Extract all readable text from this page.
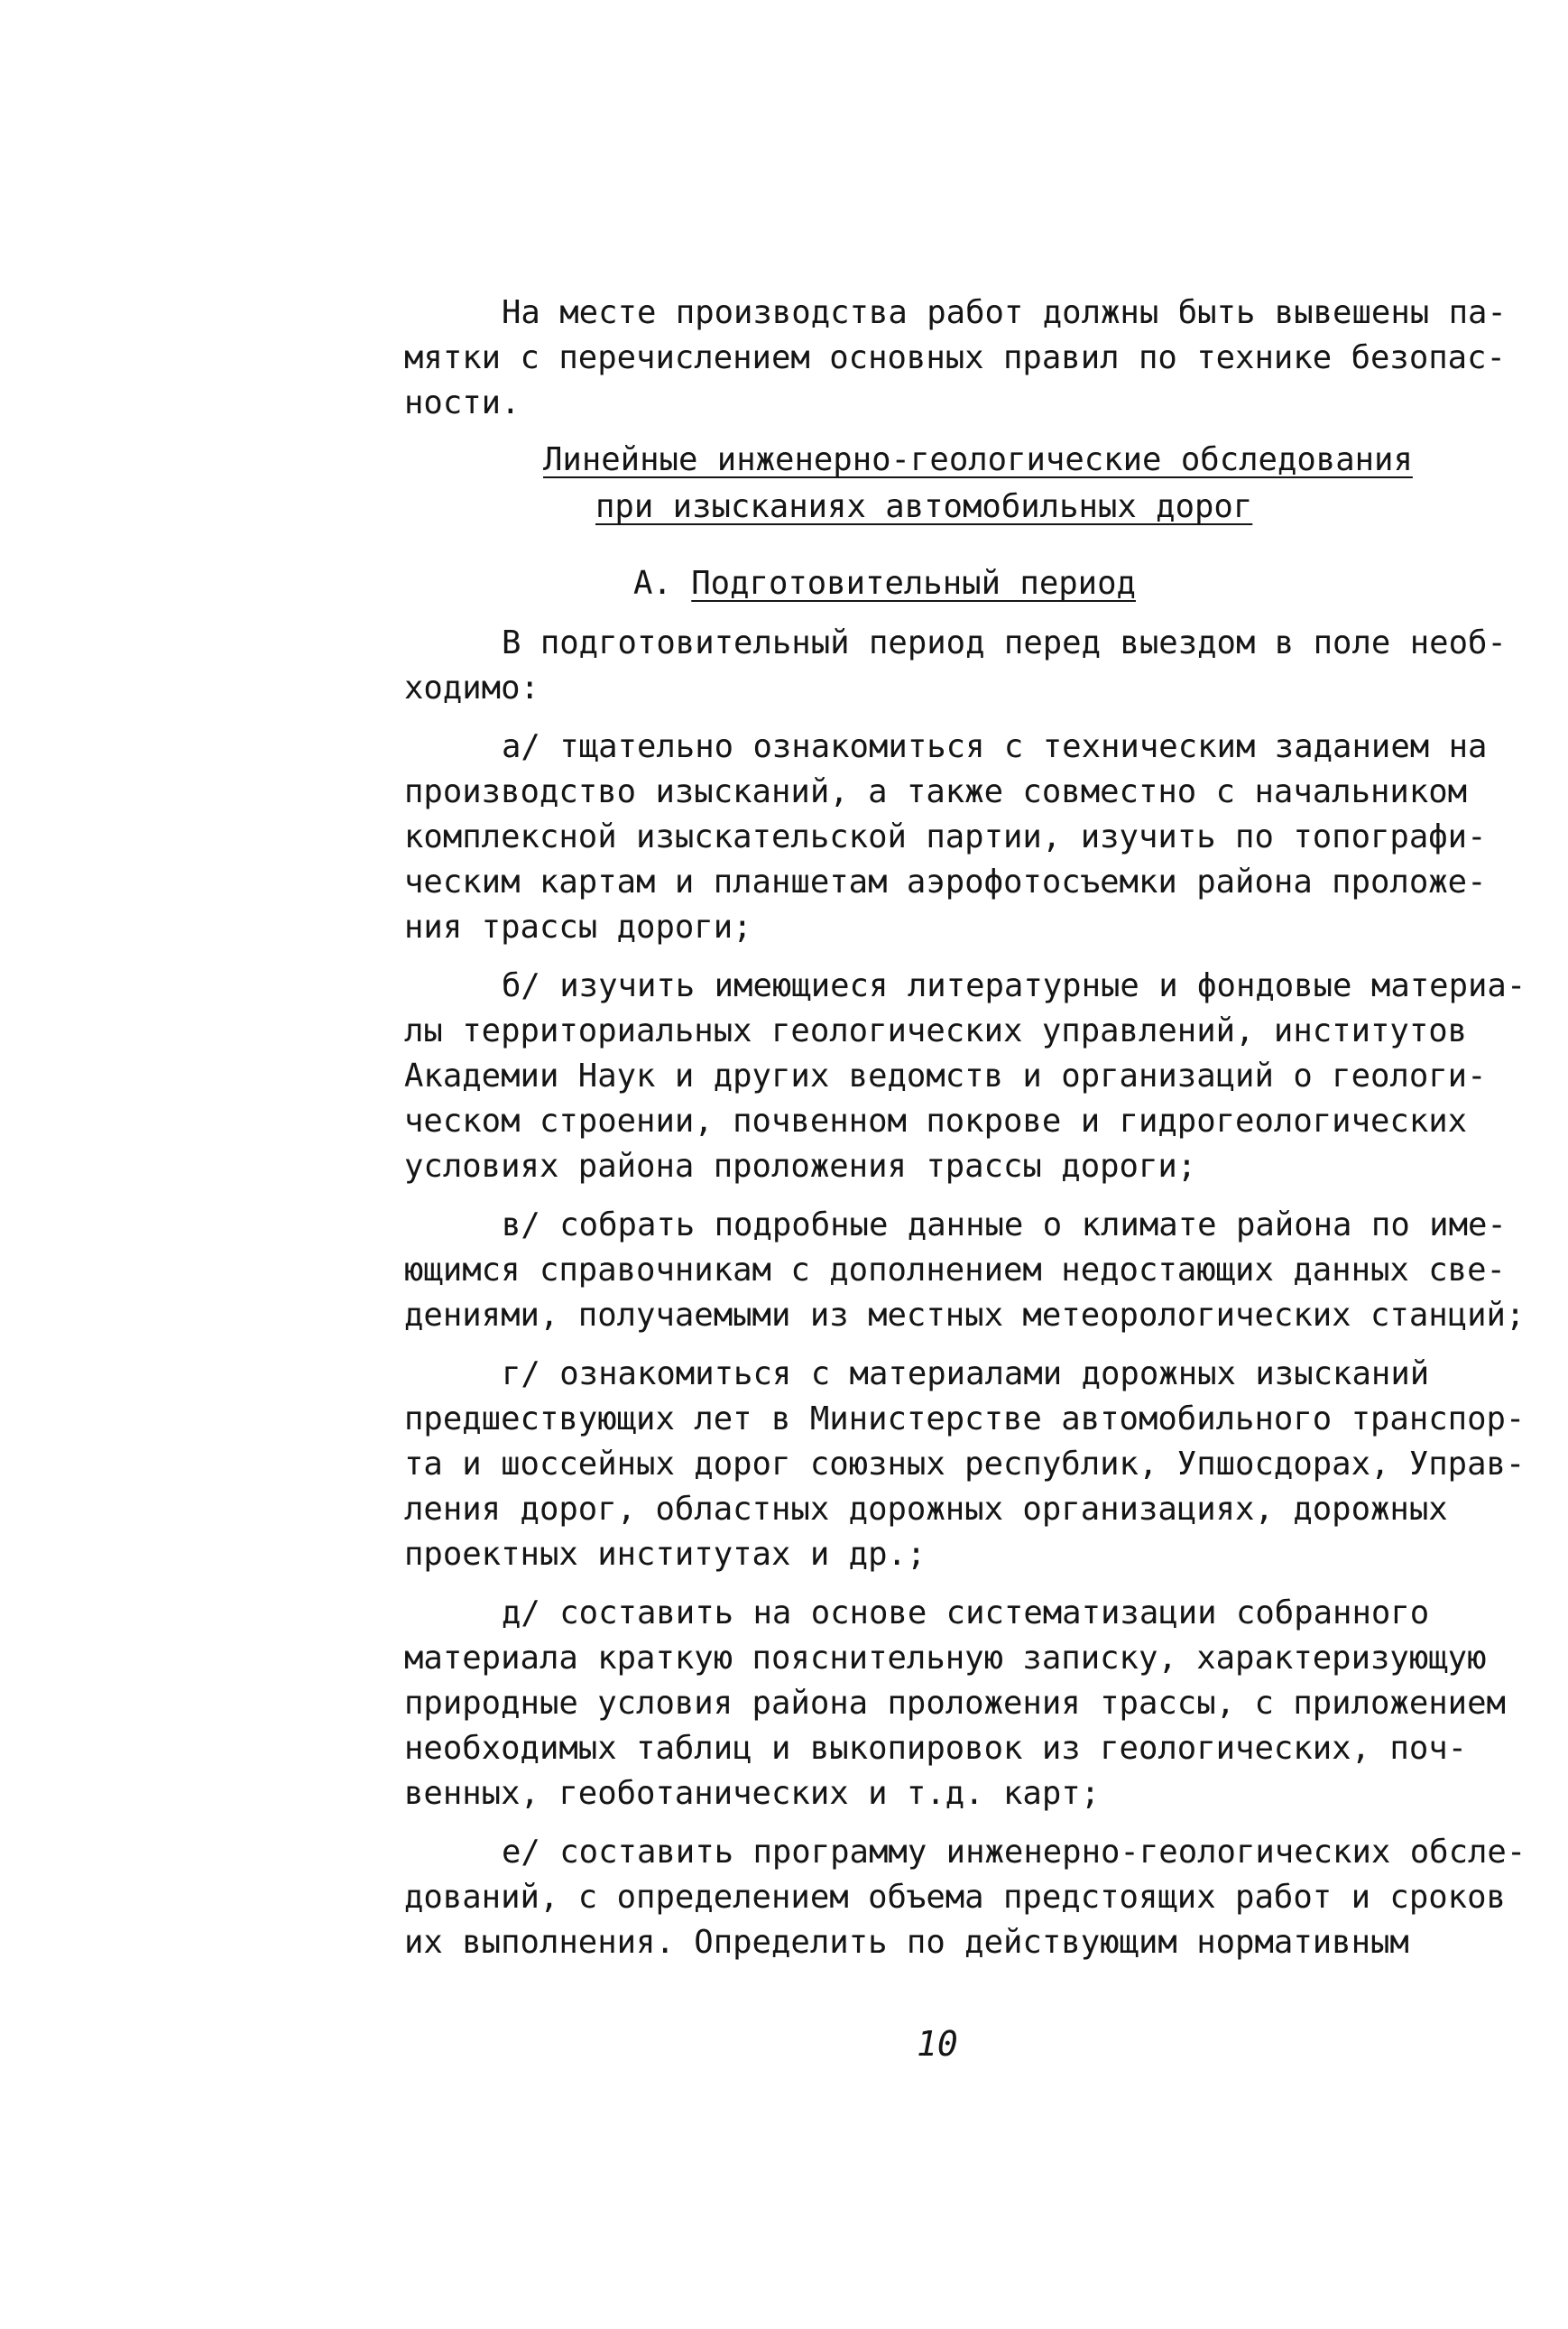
На месте производства работ должны быть вывешены па-

мятки с перечислением основных правил по технике безопас-

ности.

Линейные инженерно-геологические обследования
при изысканиях автомобильных дорог
А. Подготовительный период

В подготовительный период перед выездом в поле необ-

ходимо:

а/ тщательно ознакомиться с техническим заданием на

производство изысканий, а также совместно с начальником

комплексной изыскательской партии, изучить по топографи-

ческим картам и планшетам аэрофотосъемки района проложе-

ния трассы дороги;

б/ изучить имеющиеся литературные и фондовые материа-

лы территориальных геологических управлений, институтов

Академии Наук и других ведомств и организаций о геологи-

ческом строении, почвенном покрове и гидрогеологических

условиях района проложения трассы дороги;

в/ собрать подробные данные о климате района по име-

ющимся справочникам с дополнением недостающих данных све-

дениями, получаемыми из местных метеорологических станций;

г/ ознакомиться с материалами дорожных изысканий

предшествующих лет в Министерстве автомобильного транспор-

та и шоссейных дорог союзных республик, Упшосдорах, Управ-

ления дорог, областных дорожных организациях, дорожных

проектных институтах и др.;

д/ составить на основе систематизации собранного

материала краткую пояснительную записку, характеризующую

природные условия района проложения трассы, с приложением

необходимых таблиц и выкопировок из геологических, поч-

венных, геоботанических и т.д. карт;

е/ составить программу инженерно-геологических обсле-

дований, с определением объема предстоящих работ и сроков

их выполнения. Определить по действующим нормативным

10
